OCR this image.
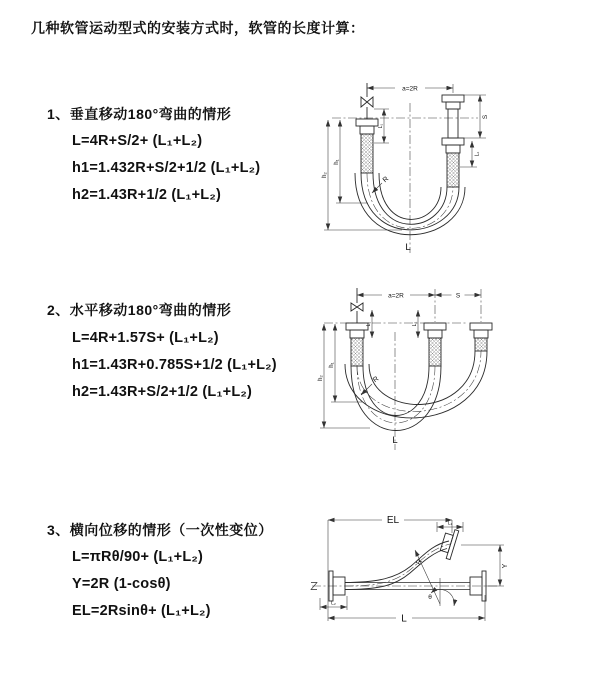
几种软管运动型式的安装方式时，软管的长度计算：
1、垂直移动180°弯曲的情形
L=4R+S/2+ (L₁+L₂)
h1=1.432R+S/2+1/2 (L₁+L₂)
h2=1.43R+1/2 (L₁+L₂)
2、水平移动180°弯曲的情形
L=4R+1.57S+ (L₁+L₂)
h1=1.43R+0.785S+1/2 (L₁+L₂)
h2=1.43R+S/2+1/2 (L₁+L₂)
3、横向位移的情形（一次性变位）
L=πRθ/90+ (L₁+L₂)
Y=2R (1-cosθ)
EL=2Rsinθ+ (L₁+L₂)
a=2R
S
L₂
L₁
h₁
h₂
R
L
a=2R	S
h₁
h₂
L₁	L₂
R
L
EL	L₁
Y
θ
R
L₂
L
